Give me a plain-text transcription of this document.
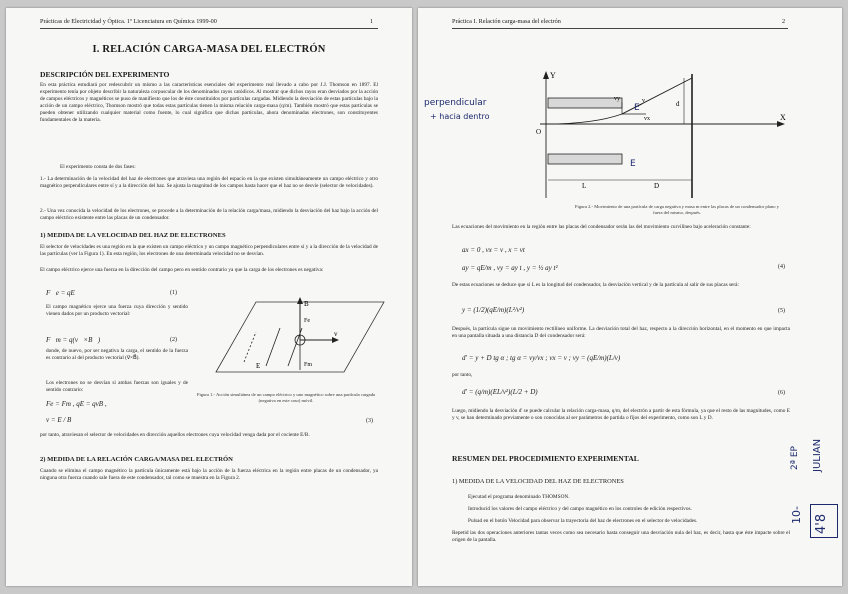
Prácticas de Electricidad y Óptica. 1º Licenciatura en Química 1999-00	1
I. RELACIÓN CARGA-MASA DEL ELECTRÓN
DESCRIPCIÓN DEL EXPERIMENTO
En esta práctica estudiará por redescubrir un mismo a las características esenciales del experimento real llevado a cabo por J.J. Thomson en 1897. El experimento tenía por objeto describir la naturaleza corpuscular de los denominados rayos catódicos. Al mostrar que dichos rayos eran desviados por la acción de campos eléctricos y magnéticos se puso de manifiesto que los de éste constituidos por partículas cargadas. Midiendo la desviación de estas partículas bajo la acción de un campo eléctrico, Thomson mostró que todas estas partículas tienen la misma relación carga-masa (q/m). También mostró que estas partículas se pueden obtener utilizando cualquier material como fuente, lo cual significa que dichas partículas, ahora denominadas electrones, son constituyentes fundamentales de la materia.
El experimento consta de dos fases:
1.- La determinación de la velocidad del haz de electrones que atraviesa una región del espacio en la que existen simultáneamente un campo eléctrico y otro magnético perpendiculares entre sí y a la dirección del haz. Se ajusta la magnitud de los campos hasta hacer que el haz no se desvíe (selector de velocidades).
2.- Una vez conocida la velocidad de los electrones, se procede a la determinación de la relación carga/masa, midiendo la desviación del haz bajo la acción del campo eléctrico existente entre las placas de un condensador.
1) MEDIDA DE LA VELOCIDAD DEL HAZ DE ELECTRONES
El selector de velocidades es una región en la que existen un campo eléctrico y un campo magnético perpendiculares entre sí y a la dirección de la velocidad de las partículas (ver la Figura 1). En esta región, los electrones de una determinada velocidad no se desvían.
El campo eléctrico ejerce una fuerza en la dirección del campo pero en sentido contrario ya que la carga de los electrones es negativa:
F⃗e = qE⃗	(1)
El campo magnético ejerce una fuerza cuya dirección y sentido vienen dados por un producto vectorial:
F⃗m = q(v⃗×B⃗)	(2)
donde, de nuevo, por ser negativa la carga, el sentido de la fuerza es contrario al del producto vectorial (v⃗×B⃗).
Los electrones no se desvían si ambas fuerzas son iguales y de sentido contrario:
Fe = Fm , qE = qvB ,
v = E / B	(3)
por tanto, atraviesan el selector de velocidades en dirección aquellos electrones cuya velocidad venga dada por el cociente E/B.
B
E
v
Fe
Fm
Figura 1.- Acción simultánea de un campo eléctrico y uno magnético sobre una partícula cargada (negativa en este caso) móvil.
2) MEDIDA DE LA RELACIÓN CARGA/MASA DEL ELECTRÓN
Cuando se elimina el campo magnético la partícula únicamente está bajo la acción de la fuerza eléctrica en la región entre placas de un condensador, ya ninguna otra fuerza cuando sale fuera de este condensador, tal como se muestra en la Figura 2.
Práctica I. Relación carga-masa del electrón	2
Y
X
O
d
L	D
vx
vy	v
E
E
perpendicular
+ hacia dentro
Figura 2.- Movimiento de una partícula de carga negativa y masa m entre las placas de un condensador plano y fuera del mismo, después.
Las ecuaciones del movimiento en la región entre las placas del condensador serán las del movimiento curvilíneo bajo aceleración constante:
ax = 0 , vx = v , x = vt
ay = qE/m , vy = ay t , y = ½ ay t²	(4)
De estas ecuaciones se deduce que si L es la longitud del condensador, la desviación vertical y de la partícula al salir de sus placas será:
y = (1/2)(qE/m)(L²/v²)	(5)
Después, la partícula sigue un movimiento rectilíneo uniforme. La desviación total del haz, respecto a la dirección horizontal, en el momento en que impacta en una pantalla situada a una distancia D del condensador será:
d' = y + D tg α ; tg α = vy/vx ; vx = v ; vy = (qE/m)(L/v)
por tanto,
d' = (q/m)(EL/v²)(L/2 + D)	(6)
Luego, midiendo la desviación d' se puede calcular la relación carga-masa, q/m, del electrón a partir de esta fórmula, ya que el resto de las magnitudes, como E y v, se han determinado previamente o son conocidas al ser parámetros de partida o fijos del experimento, como son L y D.
RESUMEN DEL PROCEDIMIENTO EXPERIMENTAL
1) MEDIDA DE LA VELOCIDAD DEL HAZ DE ELECTRONES
Ejecutad el programa denominado THOMSON.
Introducid los valores del campo eléctrico y del campo magnético en los controles de edición respectivos.
Pulsad en el botón Velocidad para observar la trayectoria del haz de electrones en el selector de velocidades.
Repetid las dos operaciones anteriores tantas veces como sea necesario hasta conseguir una desviación nula del haz, es decir, hasta que éste impacte sobre el origen de la pantalla.
4'8
JULIAN
2ª EP
10-
